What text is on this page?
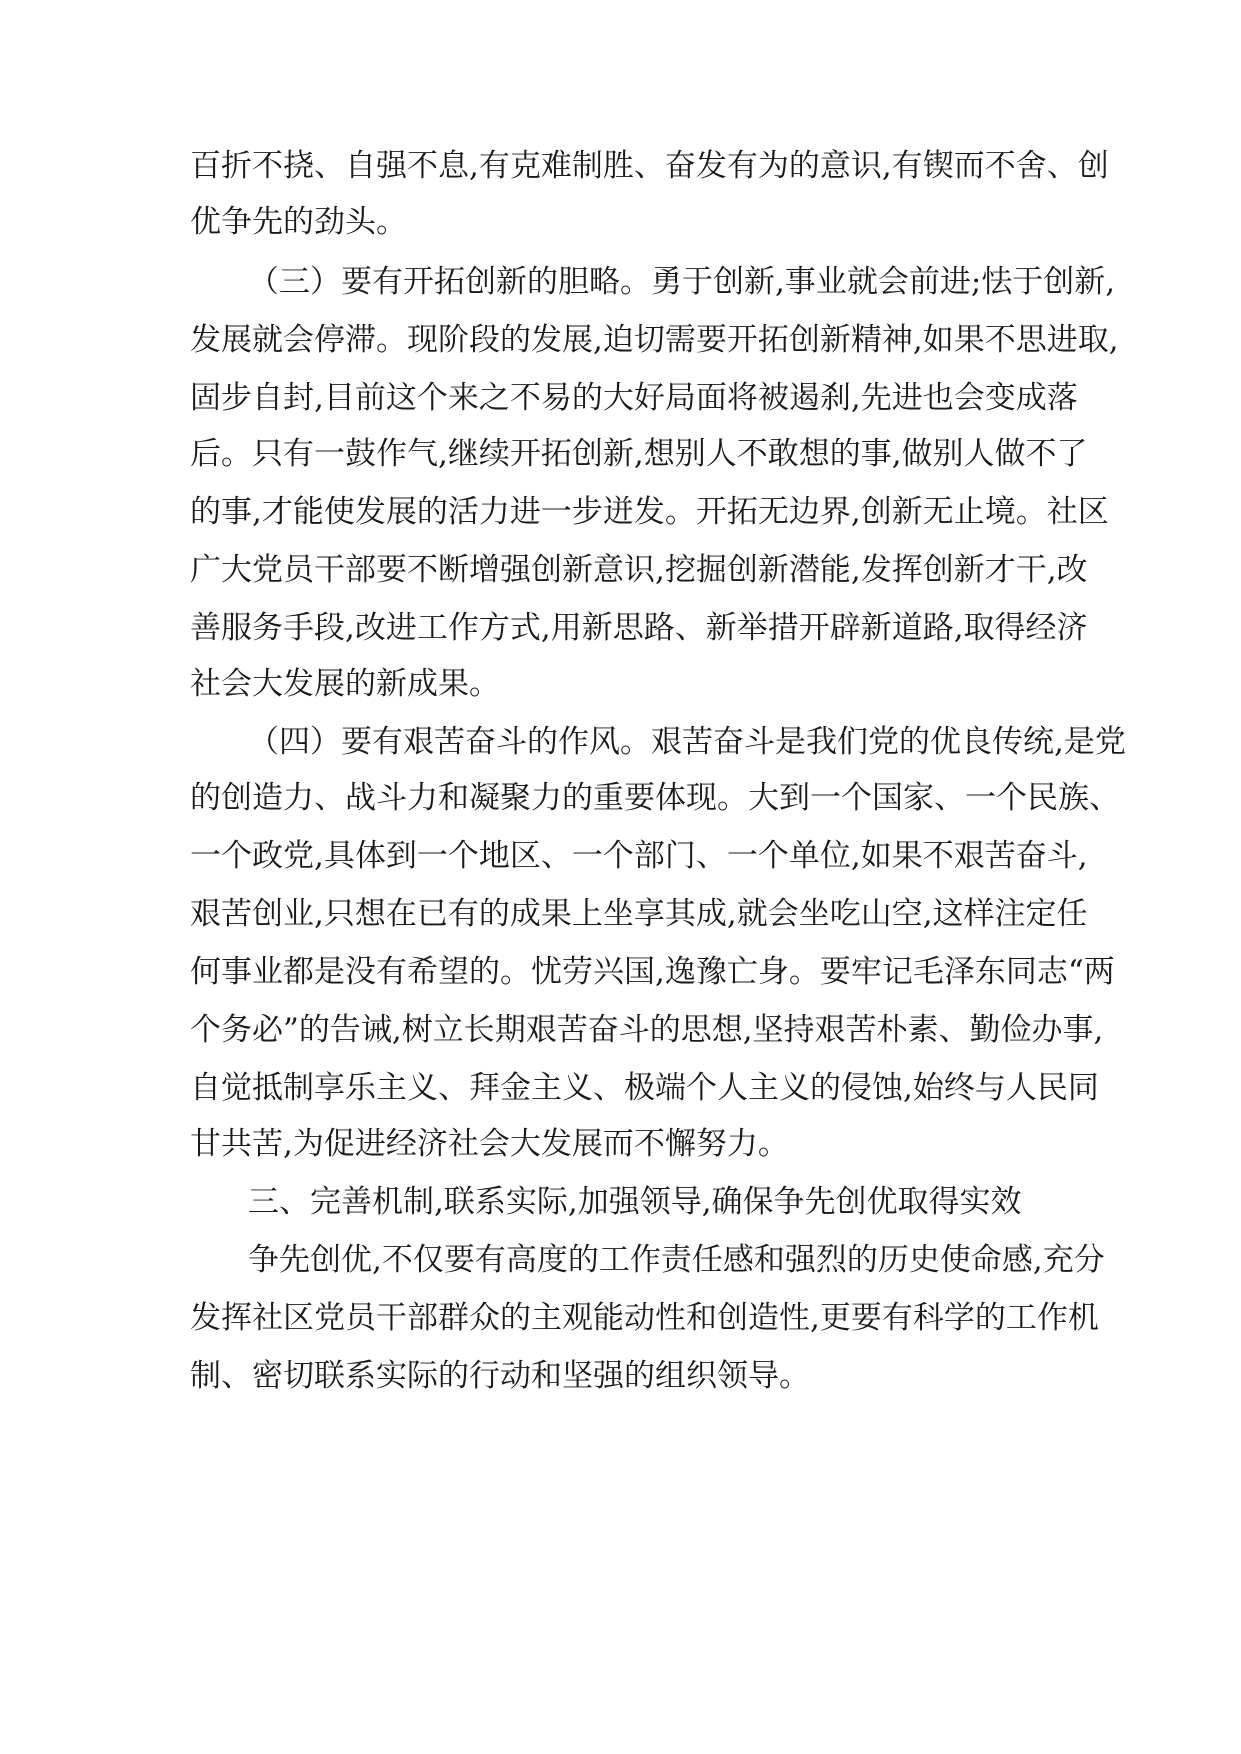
百折不挠、自强不息,有克难制胜、奋发有为的意识,有锲而不舍、创
优争先的劲头。
（三）要有开拓创新的胆略。勇于创新,事业就会前进;怯于创新,
发展就会停滞。现阶段的发展,迫切需要开拓创新精神,如果不思进取,
固步自封,目前这个来之不易的大好局面将被遏刹,先进也会变成落
后。只有一鼓作气,继续开拓创新,想别人不敢想的事,做别人做不了
的事,才能使发展的活力进一步迸发。开拓无边界,创新无止境。社区
广大党员干部要不断增强创新意识,挖掘创新潜能,发挥创新才干,改
善服务手段,改进工作方式,用新思路、新举措开辟新道路,取得经济
社会大发展的新成果。
（四）要有艰苦奋斗的作风。艰苦奋斗是我们党的优良传统,是党
的创造力、战斗力和凝聚力的重要体现。大到一个国家、一个民族、
一个政党,具体到一个地区、一个部门、一个单位,如果不艰苦奋斗,
艰苦创业,只想在已有的成果上坐享其成,就会坐吃山空,这样注定任
何事业都是没有希望的。忧劳兴国,逸豫亡身。要牢记毛泽东同志“两
个务必”的告诫,树立长期艰苦奋斗的思想,坚持艰苦朴素、勤俭办事,
自觉抵制享乐主义、拜金主义、极端个人主义的侵蚀,始终与人民同
甘共苦,为促进经济社会大发展而不懈努力。
三、完善机制,联系实际,加强领导,确保争先创优取得实效
争先创优,不仅要有高度的工作责任感和强烈的历史使命感,充分
发挥社区党员干部群众的主观能动性和创造性,更要有科学的工作机
制、密切联系实际的行动和坚强的组织领导。
